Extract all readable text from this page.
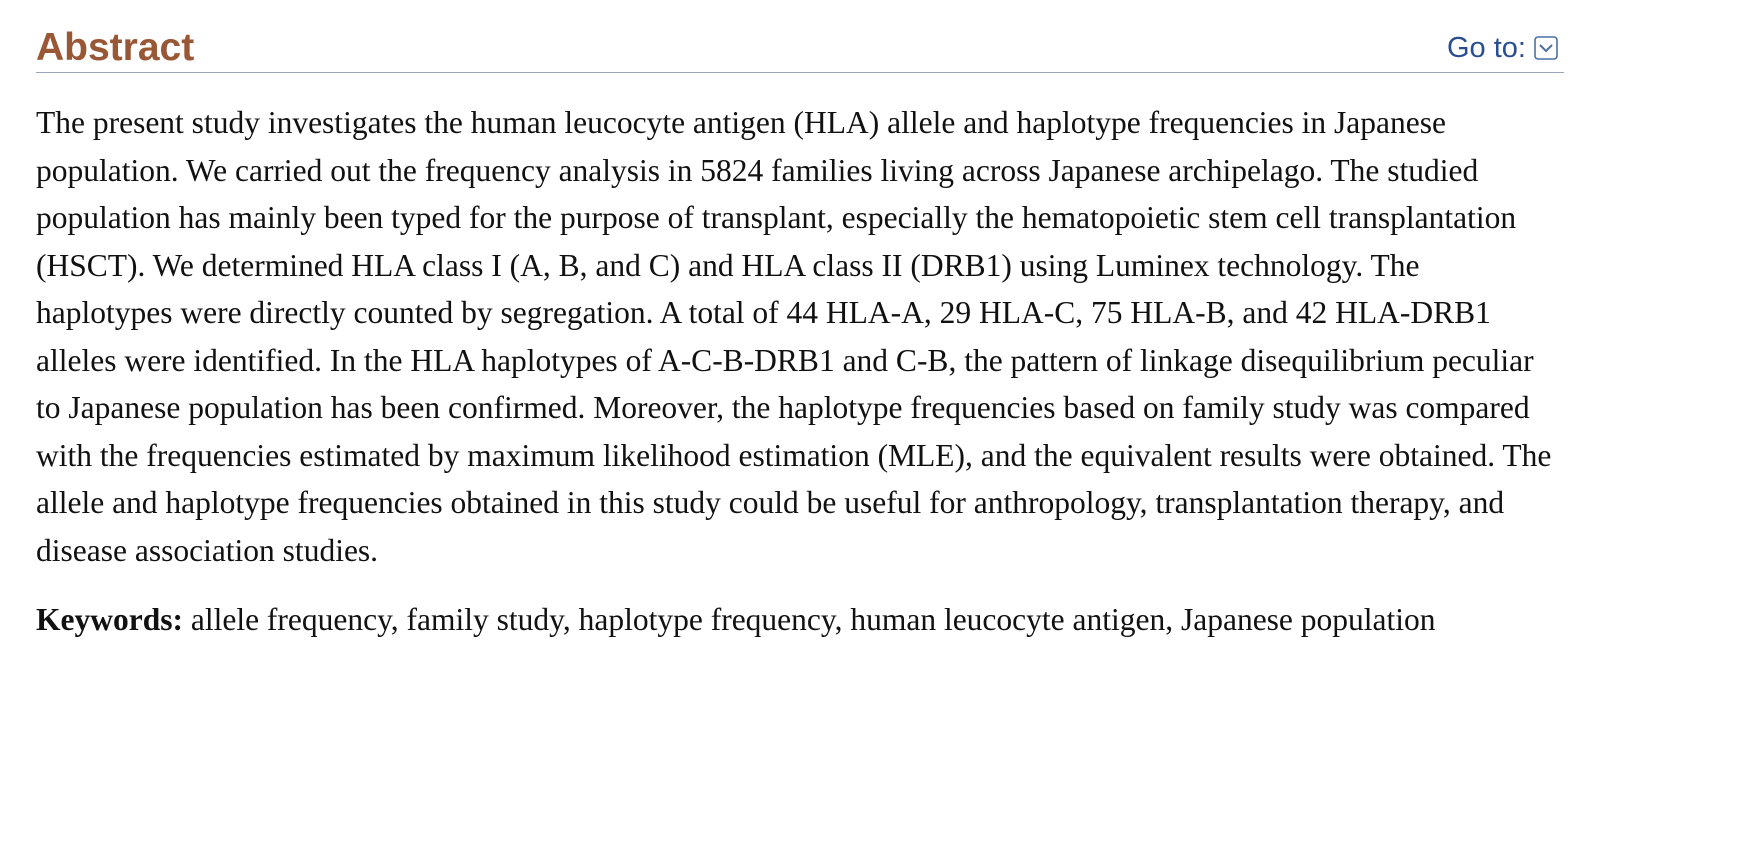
Abstract	Go to:

The present study investigates the human leucocyte antigen (HLA) allele and haplotype frequencies in Japanese population. We carried out the frequency analysis in 5824 families living across Japanese archipelago. The studied population has mainly been typed for the purpose of transplant, especially the hematopoietic stem cell transplantation (HSCT). We determined HLA class I (A, B, and C) and HLA class II (DRB1) using Luminex technology. The haplotypes were directly counted by segregation. A total of 44 HLA-A, 29 HLA-C, 75 HLA-B, and 42 HLA-DRB1 alleles were identified. In the HLA haplotypes of A-C-B-DRB1 and C-B, the pattern of linkage disequilibrium peculiar to Japanese population has been confirmed. Moreover, the haplotype frequencies based on family study was compared with the frequencies estimated by maximum likelihood estimation (MLE), and the equivalent results were obtained. The allele and haplotype frequencies obtained in this study could be useful for anthropology, transplantation therapy, and disease association studies.

Keywords: allele frequency, family study, haplotype frequency, human leucocyte antigen, Japanese population
